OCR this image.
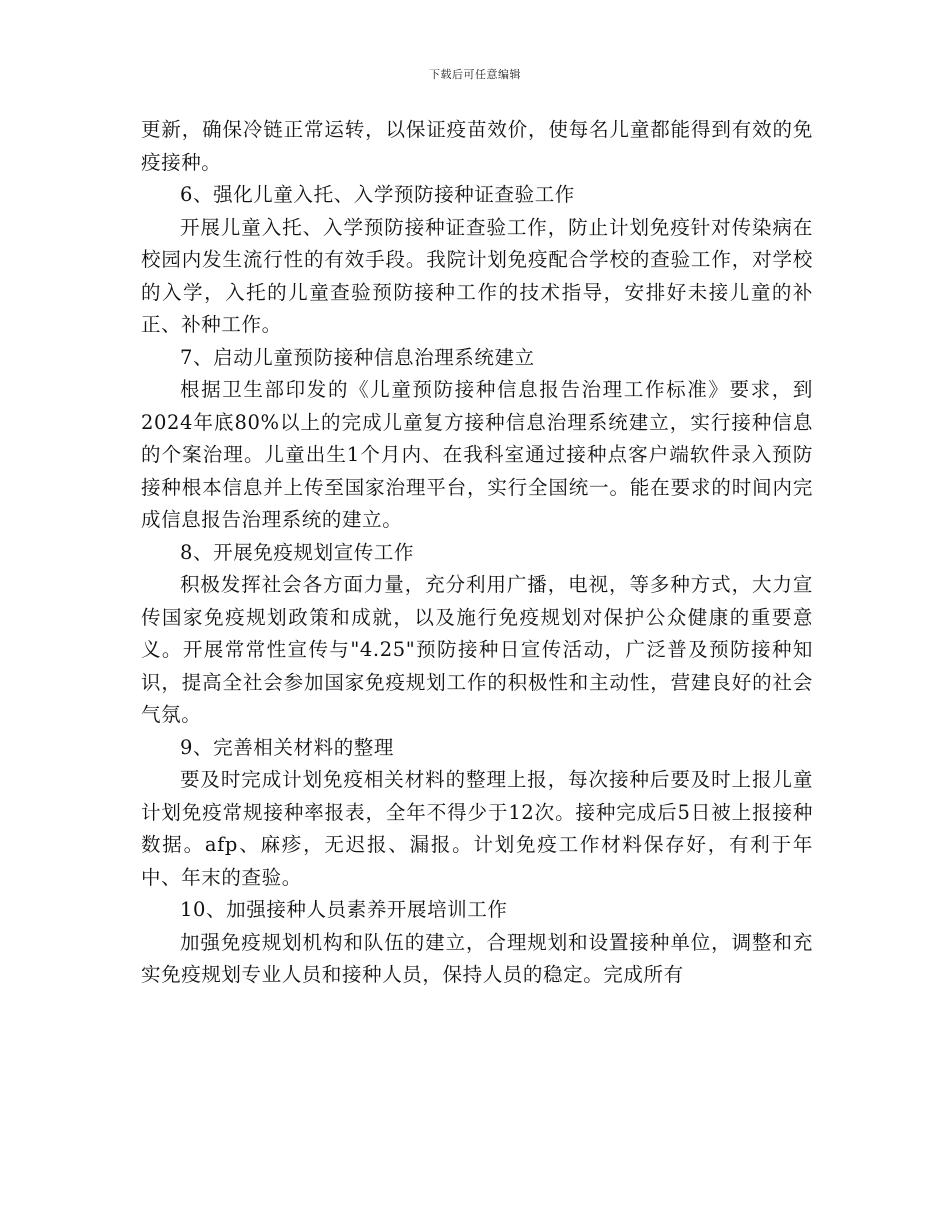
下载后可任意编辑

更新，确保冷链正常运转，以保证疫苗效价，使每名儿童都能得到有效的免疫接种。

6、强化儿童入托、入学预防接种证查验工作

开展儿童入托、入学预防接种证查验工作，防止计划免疫针对传染病在校园内发生流行性的有效手段。我院计划免疫配合学校的查验工作，对学校的入学，入托的儿童查验预防接种工作的技术指导，安排好未接儿童的补正、补种工作。

7、启动儿童预防接种信息治理系统建立

根据卫生部印发的《儿童预防接种信息报告治理工作标准》要求，到2024年底80%以上的完成儿童复方接种信息治理系统建立，实行接种信息的个案治理。儿童出生1个月内、在我科室通过接种点客户端软件录入预防接种根本信息并上传至国家治理平台，实行全国统一。能在要求的时间内完成信息报告治理系统的建立。

8、开展免疫规划宣传工作

积极发挥社会各方面力量，充分利用广播，电视，等多种方式，大力宣传国家免疫规划政策和成就，以及施行免疫规划对保护公众健康的重要意义。开展常常性宣传与"4.25"预防接种日宣传活动，广泛普及预防接种知识，提高全社会参加国家免疫规划工作的积极性和主动性，营建良好的社会气氛。

9、完善相关材料的整理

要及时完成计划免疫相关材料的整理上报，每次接种后要及时上报儿童计划免疫常规接种率报表，全年不得少于12次。接种完成后5日被上报接种数据。afp、麻疹，无迟报、漏报。计划免疫工作材料保存好，有利于年中、年末的查验。

10、加强接种人员素养开展培训工作

加强免疫规划机构和队伍的建立，合理规划和设置接种单位，调整和充实免疫规划专业人员和接种人员，保持人员的稳定。完成所有
